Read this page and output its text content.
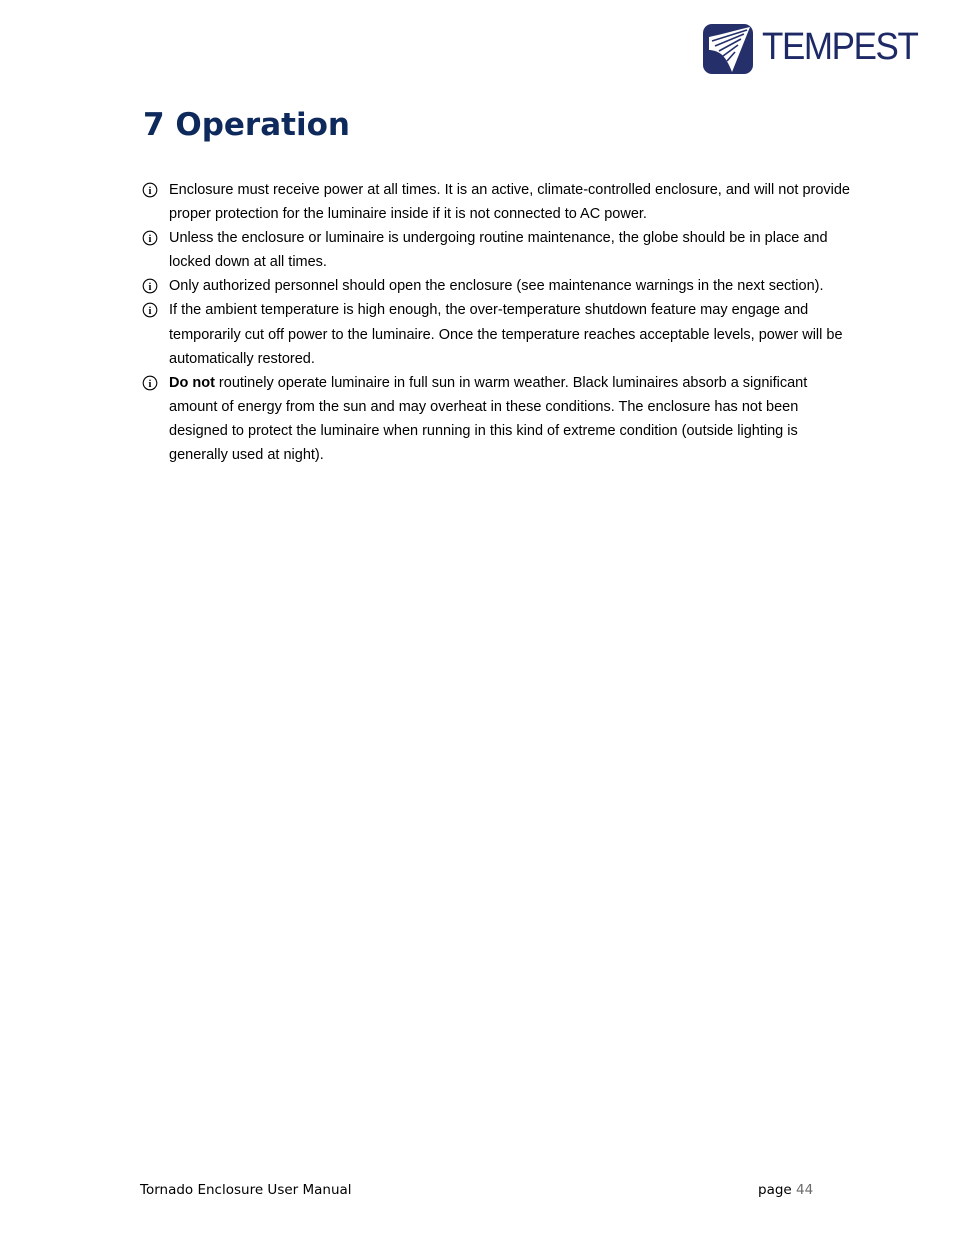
TEMPEST
7 Operation
i Enclosure must receive power at all times. It is an active, climate-controlled enclosure, and will not provide proper protection for the luminaire inside if it is not connected to AC power.
i Unless the enclosure or luminaire is undergoing routine maintenance, the globe should be in place and locked down at all times.
i Only authorized personnel should open the enclosure (see maintenance warnings in the next section).
i If the ambient temperature is high enough, the over-temperature shutdown feature may engage and temporarily cut off power to the luminaire. Once the temperature reaches acceptable levels, power will be automatically restored.
i Do not routinely operate luminaire in full sun in warm weather. Black luminaires absorb a significant amount of energy from the sun and may overheat in these conditions. The enclosure has not been designed to protect the luminaire when running in this kind of extreme condition (outside lighting is generally used at night).
Tornado Enclosure User Manual	page 44
